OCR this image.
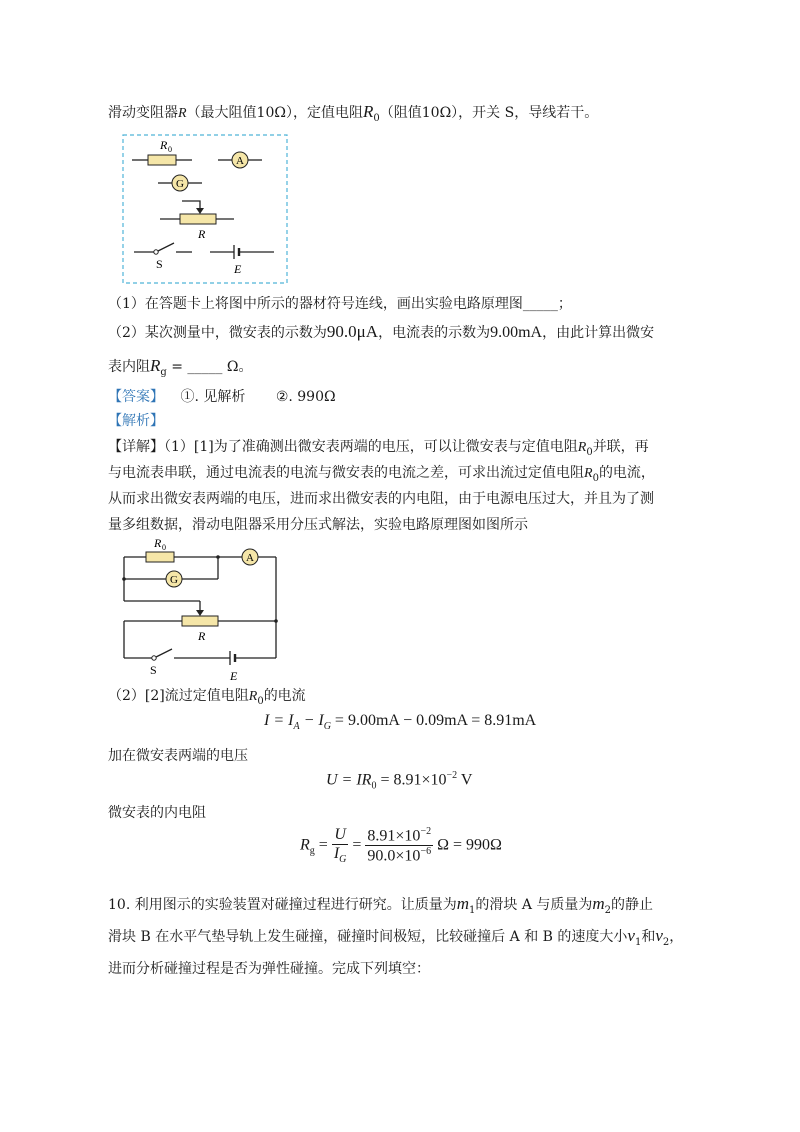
滑动变阻器R（最大阻值10Ω），定值电阻$R_0$（阻值10Ω），开关 S，导线若干。
R 0
A
G
R
S	E
（1）在答题卡上将图中所示的器材符号连线，画出实验电路原理图_____；
（2）某次测量中，微安表的示数为90.0μA，电流表的示数为9.00mA，由此计算出微安
表内阻$R_g$ = _____ Ω。
【答案】 ①. 见解析 ②. 990Ω
【解析】
【详解】（1）[1]为了准确测出微安表两端的电压，可以让微安表与定值电阻$R_0$并联，再
与电流表串联，通过电流表的电流与微安表的电流之差，可求出流过定值电阻$R_0$的电流，
从而求出微安表两端的电压，进而求出微安表的内电阻，由于电源电压过大，并且为了测
量多组数据，滑动电阻器采用分压式解法，实验电路原理图如图所示
R 0
A
G
R
S	E
（2）[2]流过定值电阻$R_0$的电流
$I = I_A - I_G = 9.00mA - 0.09mA = 8.91mA$
加在微安表两端的电压
$U = IR_0 = 8.91\times 10^{-2}$ V
微安表的内电阻
$R_g = \frac{U}{I_G} = \frac{8.91\times 10^{-2}}{90.0\times 10^{-6}}$ Ω = 990Ω
10. 利用图示的实验装置对碰撞过程进行研究。让质量为$m_1$的滑块 A 与质量为$m_2$的静止
滑块 B 在水平气垫导轨上发生碰撞，碰撞时间极短，比较碰撞后 A 和 B 的速度大小$v_1$和$v_2$，
进而分析碰撞过程是否为弹性碰撞。完成下列填空：
